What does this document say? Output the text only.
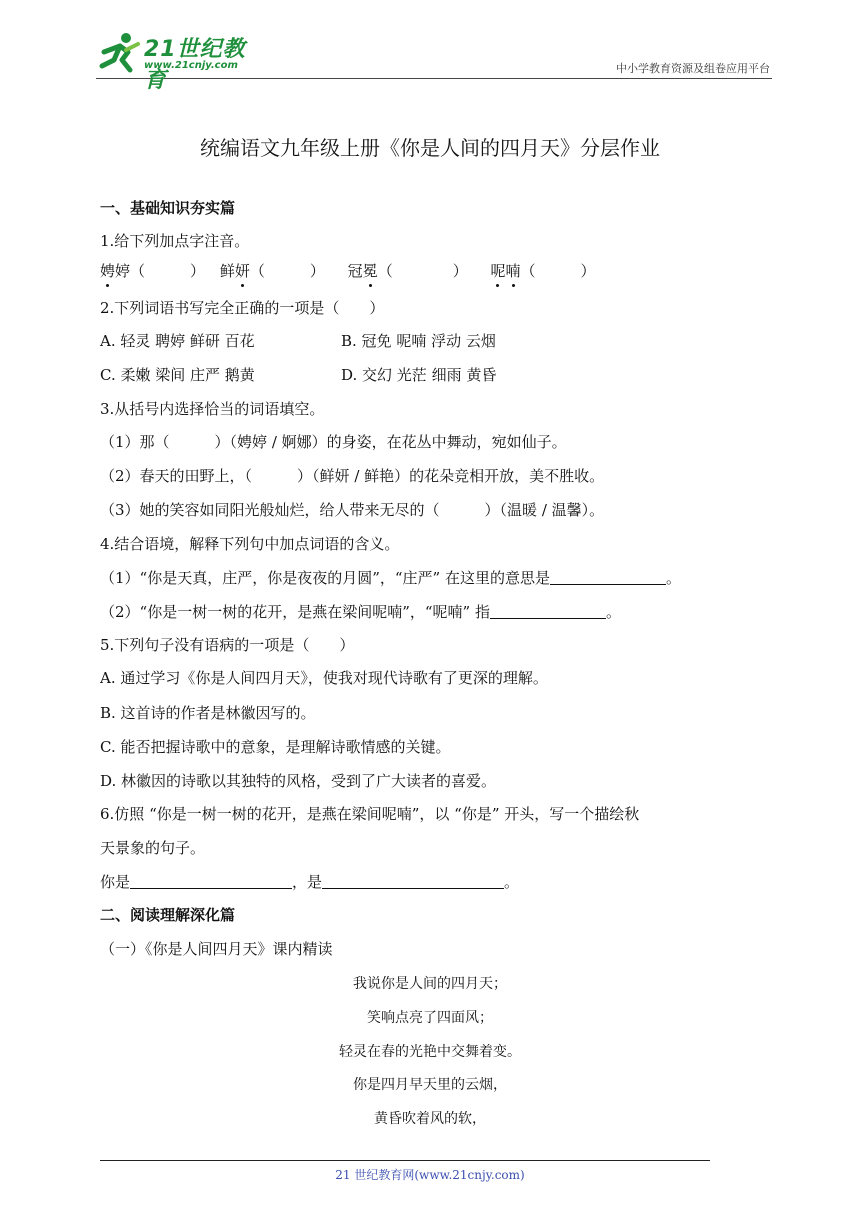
21世纪教育
www.21cnjy.com	中小学教育资源及组卷应用平台
统编语文九年级上册《你是人间的四月天》分层作业
一、基础知识夯实篇
1.给下列加点字注音。
娉婷（　　　） 鲜妍（　　　） 冠冕（　　　　） 呢喃（　　　）
2.下列词语书写完全正确的一项是（　　）
A. 轻灵 聘婷 鲜研 百花	B. 冠免 呢喃 浮动 云烟
C. 柔嫩 梁间 庄严 鹅黄	D. 交幻 光茫 细雨 黄昏
3.从括号内选择恰当的词语填空。
（1）那（　　　）（娉婷 / 婀娜）的身姿，在花丛中舞动，宛如仙子。
（2）春天的田野上，（　　　）（鲜妍 / 鲜艳）的花朵竞相开放，美不胜收。
（3）她的笑容如同阳光般灿烂，给人带来无尽的（　　　）（温暖 / 温馨）。
4.结合语境，解释下列句中加点词语的含义。
（1）“你是天真，庄严，你是夜夜的月圆”，“庄严” 在这里的意思是	。
（2）“你是一树一树的花开，是燕在梁间呢喃”，“呢喃” 指	。
5.下列句子没有语病的一项是（　　）
A. 通过学习《你是人间四月天》，使我对现代诗歌有了更深的理解。
B. 这首诗的作者是林徽因写的。
C. 能否把握诗歌中的意象，是理解诗歌情感的关键。
D. 林徽因的诗歌以其独特的风格，受到了广大读者的喜爱。
6.仿照 “你是一树一树的花开，是燕在梁间呢喃”，以 “你是” 开头，写一个描绘秋
天景象的句子。
你是	，是	。
二、阅读理解深化篇
（一）《你是人间四月天》课内精读
我说你是人间的四月天；
笑响点亮了四面风；
轻灵在春的光艳中交舞着变。
你是四月早天里的云烟，
黄昏吹着风的软，
21 世纪教育网(www.21cnjy.com)
